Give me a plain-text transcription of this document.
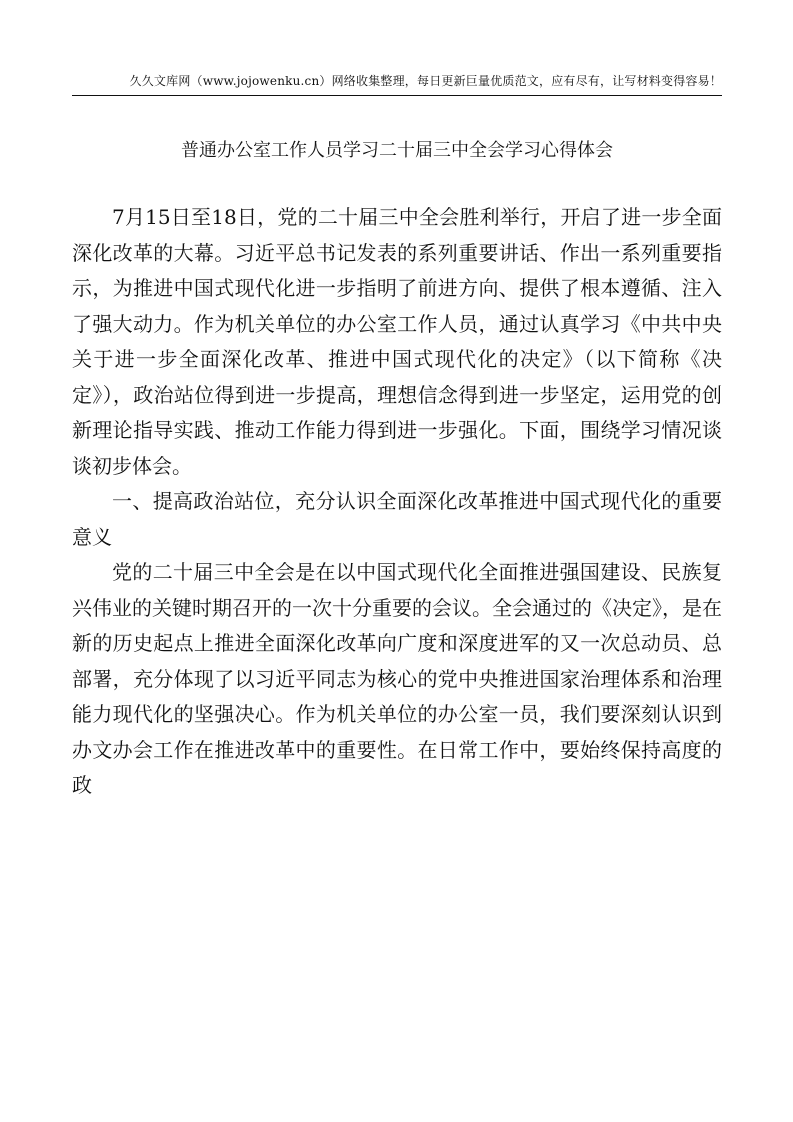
久久文库网（www.jojowenku.cn）网络收集整理，每日更新巨量优质范文，应有尽有，让写材料变得容易！
普通办公室工作人员学习二十届三中全会学习心得体会

7月15日至18日，党的二十届三中全会胜利举行，开启了进一步全面深化改革的大幕。习近平总书记发表的系列重要讲话、作出一系列重要指示，为推进中国式现代化进一步指明了前进方向、提供了根本遵循、注入了强大动力。作为机关单位的办公室工作人员，通过认真学习《中共中央关于进一步全面深化改革、推进中国式现代化的决定》（以下简称《决定》），政治站位得到进一步提高，理想信念得到进一步坚定，运用党的创新理论指导实践、推动工作能力得到进一步强化。下面，围绕学习情况谈谈初步体会。

一、提高政治站位，充分认识全面深化改革推进中国式现代化的重要意义

党的二十届三中全会是在以中国式现代化全面推进强国建设、民族复兴伟业的关键时期召开的一次十分重要的会议。全会通过的《决定》，是在新的历史起点上推进全面深化改革向广度和深度进军的又一次总动员、总部署，充分体现了以习近平同志为核心的党中央推进国家治理体系和治理能力现代化的坚强决心。作为机关单位的办公室一员，我们要深刻认识到办文办会工作在推进改革中的重要性。在日常工作中，要始终保持高度的政
